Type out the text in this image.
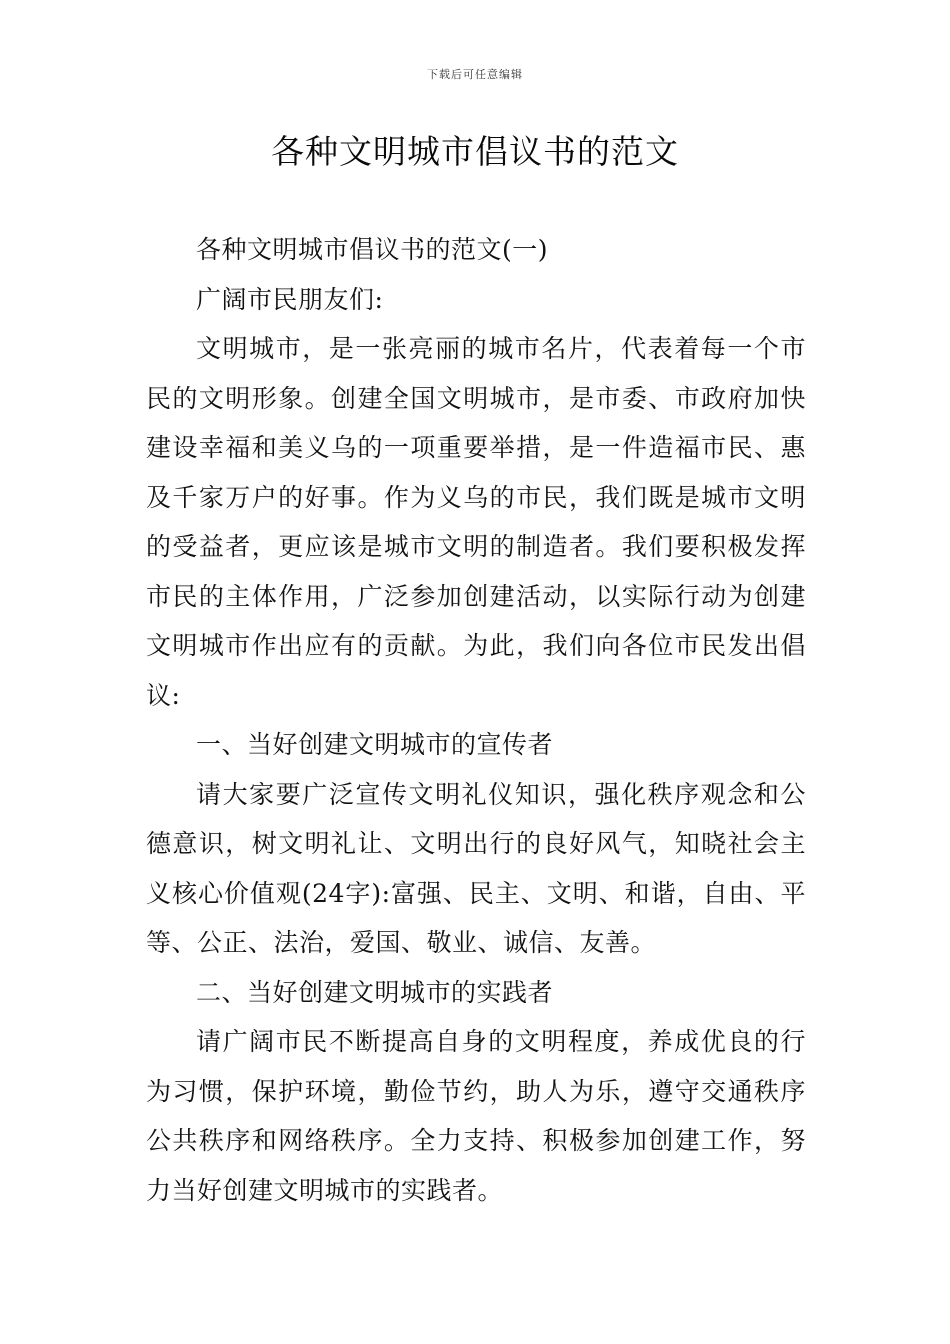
下载后可任意编辑
各种文明城市倡议书的范文

各种文明城市倡议书的范文(一)

广阔市民朋友们:

文明城市，是一张亮丽的城市名片，代表着每一个市民的文明形象。创建全国文明城市，是市委、市政府加快建设幸福和美义乌的一项重要举措，是一件造福市民、惠及千家万户的好事。作为义乌的市民，我们既是城市文明的受益者，更应该是城市文明的制造者。我们要积极发挥市民的主体作用，广泛参加创建活动，以实际行动为创建文明城市作出应有的贡献。为此，我们向各位市民发出倡议:

一、当好创建文明城市的宣传者

请大家要广泛宣传文明礼仪知识，强化秩序观念和公德意识，树文明礼让、文明出行的良好风气，知晓社会主义核心价值观(24字):富强、民主、文明、和谐，自由、平等、公正、法治，爱国、敬业、诚信、友善。

二、当好创建文明城市的实践者

请广阔市民不断提高自身的文明程度，养成优良的行为习惯，保护环境，勤俭节约，助人为乐，遵守交通秩序公共秩序和网络秩序。全力支持、积极参加创建工作，努力当好创建文明城市的实践者。
